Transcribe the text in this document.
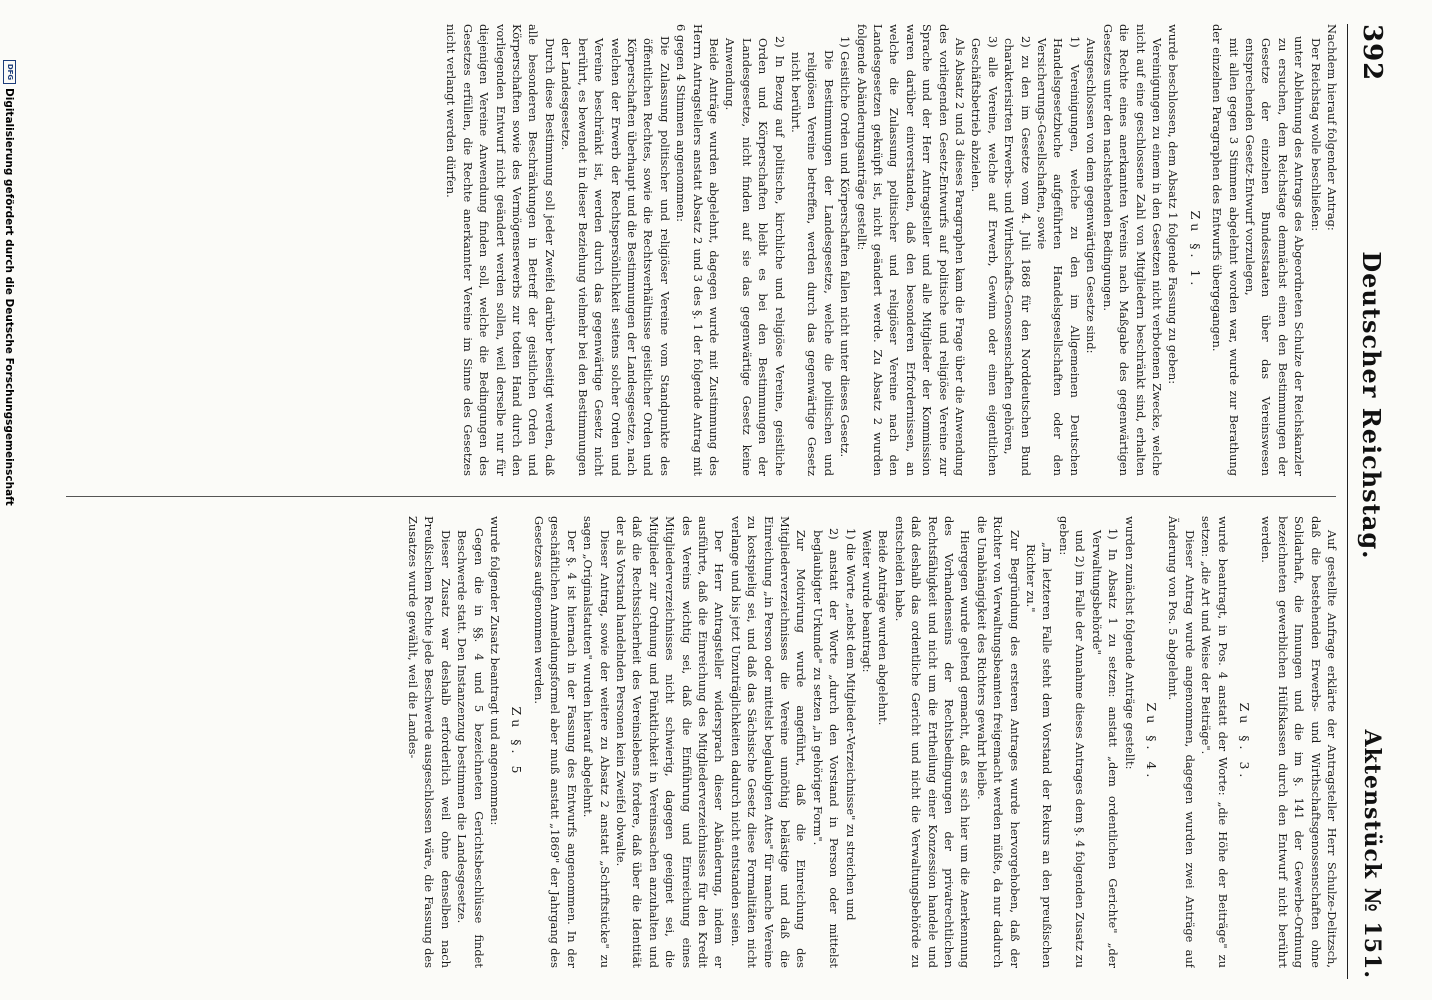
392
Deutscher Reichstag.
Aktenstück № 151.

Nachdem hierauf folgender Antrag:

Der Reichstag wolle beschließen:

unter Ablehnung des Antrags des Abgeordneten Schulze der Reichskanzler zu ersuchen, dem Reichstage demnächst einen den Bestimmungen der Gesetze der einzelnen Bundesstaaten über das Vereinswesen entsprechenden Gesetz-Entwurf vorzulegen,

mit allen gegen 3 Stimmen abgelehnt worden war, wurde zur Berathung der einzelnen Paragraphen des Entwurfs übergegangen.

Zu §. 1.

wurde beschlossen, dem Absatz 1 folgende Fassung zu geben:

Vereinigungen zu einem in den Gesetzen nicht verbotenen Zwecke, welche nicht auf eine geschlossene Zahl von Mitgliedern beschränkt sind, erhalten die Rechte eines anerkannten Vereins nach Maßgabe des gegenwärtigen Gesetzes unter den nachstehenden Bedingungen.

Ausgeschlossen von dem gegenwärtigen Gesetze sind:

1) Vereinigungen, welche zu den im Allgemeinen Deutschen Handelsgesetzbuche aufgeführten Handelsgesellschaften oder den Versicherungs-Gesellschaften, sowie

2) zu den im Gesetze vom 4. Juli 1868 für den Norddeutschen Bund charakterisirten Erwerbs- und Wirthschafts-Genossenschaften gehören,

3) alle Vereine, welche auf Erwerb, Gewinn oder einen eigentlichen Geschäftsbetrieb abzielen.

Als Absatz 2 und 3 dieses Paragraphen kam die Frage über die Anwendung des vorliegenden Gesetz-Entwurfs auf politische und religiöse Vereine zur Sprache und der Herr Antragsteller und alle Mitglieder der Kommission waren darüber einverstanden, daß den besonderen Erfordernissen, an welche die Zulassung politischer und religiöser Vereine nach den Landesgesetzen geknüpft ist, nicht geändert werde. Zu Absatz 2 wurden folgende Abänderungsanträge gestellt:

1) Geistliche Orden und Körperschaften fallen nicht unter dieses Gesetz.

Die Bestimmungen der Landesgesetze, welche die politischen und religiösen Vereine betreffen, werden durch das gegenwärtige Gesetz nicht berührt.

2) In Bezug auf politische, kirchliche und religiöse Vereine, geistliche Orden und Körperschaften bleibt es bei den Bestimmungen der Landesgesetze, nicht finden auf sie das gegenwärtige Gesetz keine Anwendung.

Beide Anträge wurden abgelehnt, dagegen wurde mit Zustimmung des Herrn Antragstellers anstatt Absatz 2 und 3 des §. 1 der folgende Antrag mit 6 gegen 4 Stimmen angenommen:

Die Zulassung politischer und religiöser Vereine vom Standpunkte des öffentlichen Rechtes, sowie die Rechtsverhältnisse geistlicher Orden und Körperschaften überhaupt und die Bestimmungen der Landesgesetze, nach welchen der Erwerb der Rechtspersönlichkeit seitens solcher Orden und Vereine beschränkt ist, werden durch das gegenwärtige Gesetz nicht berührt, es bewendet in dieser Beziehung vielmehr bei den Bestimmungen der Landesgesetze.

Durch diese Bestimmung soll jeder Zweifel darüber beseitigt werden, daß alle besonderen Beschränkungen in Betreff der geistlichen Orden und Körperschaften sowie des Vermögenserwerbs zur todten Hand durch den vorliegenden Entwurf nicht geändert werden sollen, weil derselbe nur für diejenigen Vereine Anwendung finden soll, welche die Bedingungen des Gesetzes erfüllen, die Rechte anerkannter Vereine im Sinne des Gesetzes nicht verlangt werden dürfen.

Auf gestellte Anfrage erklärte der Antragsteller Herr Schulze-Delitzsch, daß die bestehenden Erwerbs- und Wirthschaftsgenossenschaften ohne Solidarhaft, die Innungen und die im §. 141 der Gewerbe-Ordnung bezeichneten gewerblichen Hülfskassen durch den Entwurf nicht berührt werden.

Zu §. 3.

wurde beantragt, in Pos. 4 anstatt der Worte: „die Höhe der Beiträge" zu setzen: „die Art und Weise der Beiträge".

Dieser Antrag wurde angenommen, dagegen wurden zwei Anträge auf Änderung von Pos. 5 abgelehnt.

Zu §. 4.

wurden zunächst folgende Anträge gestellt:

1) In Absatz 1 zu setzen: anstatt „dem ordentlichen Gerichte" „der Verwaltungsbehörde"

und 2) im Falle der Annahme dieses Antrages dem §. 4 folgenden Zusatz zu geben:

„Im letzteren Falle steht dem Vorstand der Rekurs an den preußischen Richter zu."

Zur Begründung des ersteren Antrages wurde hervorgehoben, daß der Richter von Verwaltungsbeamten freigemacht werden müßte, da nur dadurch die Unabhängigkeit des Richters gewahrt bleibe.

Hiergegen wurde geltend gemacht, daß es sich hier um die Anerkennung des Vorhandenseins der Rechtsbedingungen der privatrechtlichen Rechtsfähigkeit und nicht um die Ertheilung einer Konzession handele und daß deshalb das ordentliche Gericht und nicht die Verwaltungsbehörde zu entscheiden habe.

Beide Anträge wurden abgelehnt.

Weiter wurde beantragt:

1) die Worte „nebst dem Mitglieder-Verzeichnisse" zu streichen und

2) anstatt der Worte „durch den Vorstand in Person oder mittelst beglaubigter Urkunde" zu setzen „in gehöriger Form".

Zur Motivirung wurde angeführt, daß die Einreichung des Mitgliederverzeichnisses die Vereine unnöthig belästige und daß die Einreichung „in Person oder mittelst beglaubigten Attes" für manche Vereine zu kostspielig sei, und daß das Sächsische Gesetz diese Formalitäten nicht verlange und bis jetzt Unzuträglichkeiten dadurch nicht entstanden seien.

Der Herr Antragsteller widersprach dieser Abänderung, indem er ausführte, daß die Einreichung des Mitgliederverzeichnisses für den Kredit des Vereins wichtig sei, daß die Einführung und Einreichung eines Mitgliederverzeichnisses nicht schwierig, dagegen geeignet sei, die Mitglieder zur Ordnung und Pünktlichkeit in Vereinssachen anzuhalten und daß die Rechtssicherheit des Vereinslebens fordere, daß über die Identität der als Vorstand handelnden Personen kein Zweifel obwalte.

Dieser Antrag, sowie der weitere zu Absatz 2 anstatt „Schriftstücke" zu sagen „Originalstatuten" wurden hierauf abgelehnt.

Der §. 4 ist hiernach in der Fassung des Entwurfs angenommen. In der geschäftlichen Anmeldungsformel aber muß anstatt „1869" der Jahrgang des Gesetzes aufgenommen werden.

Zu §. 5

wurde folgender Zusatz beantragt und angenommen:

Gegen die in §§. 4 und 5 bezeichneten Gerichtsbeschlüsse findet Beschwerde statt. Den Instanzenzug bestimmen die Landesgesetze.

Dieser Zusatz war deshalb erforderlich weil ohne denselben nach Preußischem Rechte jede Beschwerde ausgeschlossen wäre, die Fassung des Zusatzes wurde gewählt, weil die Landes-

DFG
Digitalisierung gefördert durch die Deutsche Forschungsgemeinschaft
